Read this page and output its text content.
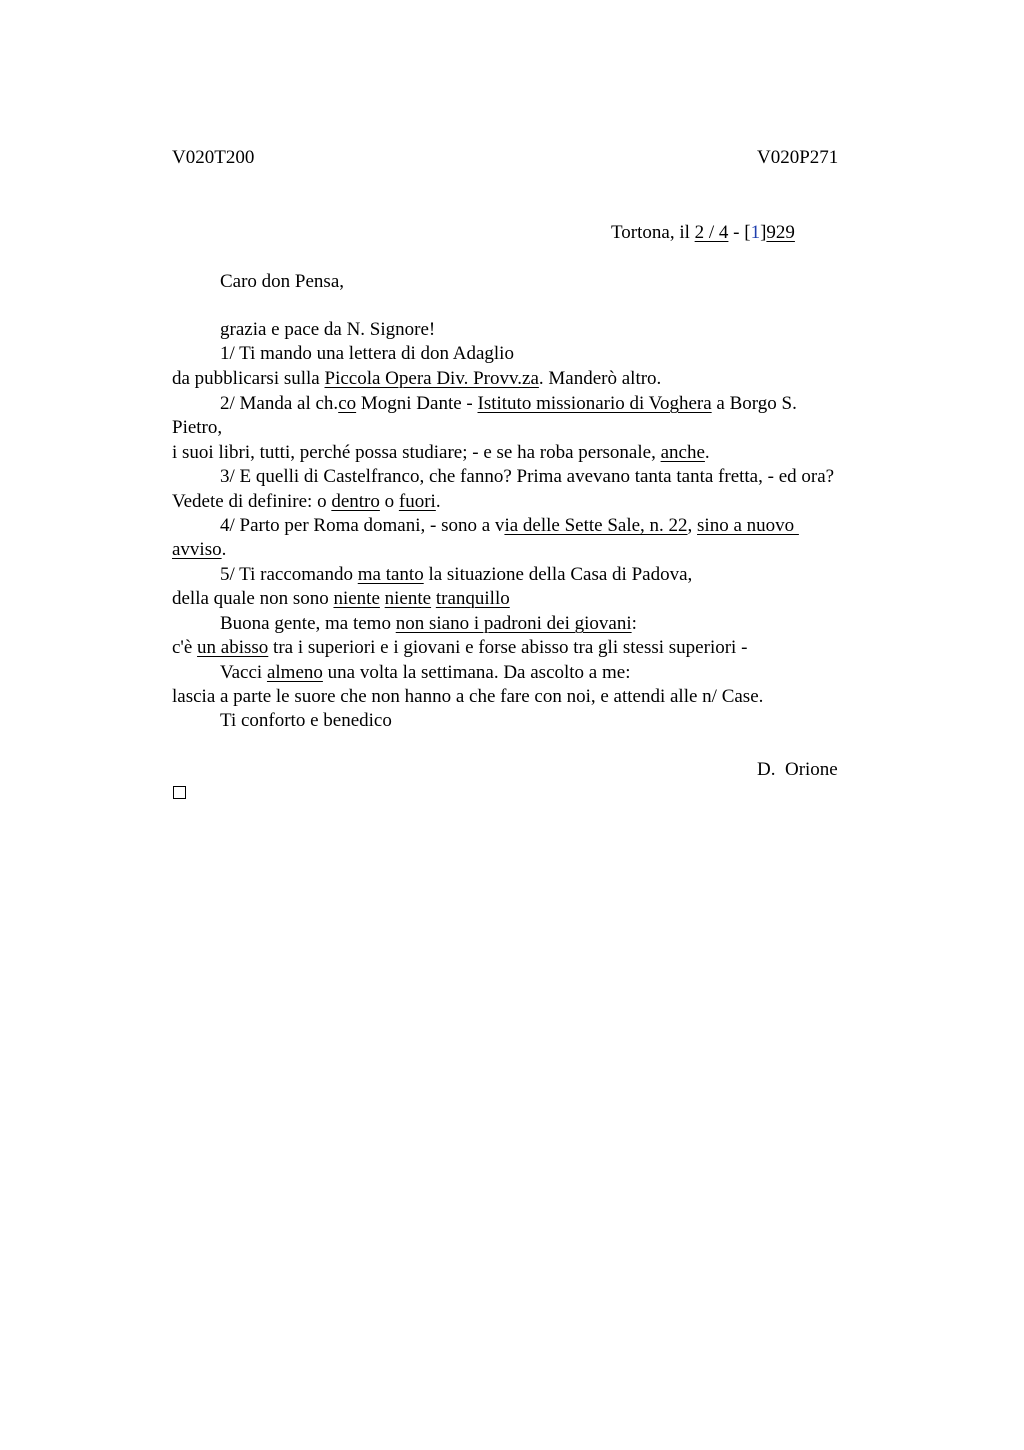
V020T200	V020P271
Tortona, il 2 / 4 - [1]929
Caro don Pensa,
grazia e pace da N. Signore!
1/ Ti mando una lettera di don Adaglio
da pubblicarsi sulla Piccola Opera Div. Provv.za. Manderò altro.
2/ Manda al ch.co Mogni Dante - Istituto missionario di Voghera a Borgo S.
Pietro,
i suoi libri, tutti, perché possa studiare; - e se ha roba personale, anche.
3/ E quelli di Castelfranco, che fanno? Prima avevano tanta tanta fretta, - ed ora?
Vedete di definire: o dentro o fuori.
4/ Parto per Roma domani, - sono a via delle Sette Sale, n. 22, sino a nuovo
avviso.
5/ Ti raccomando ma tanto la situazione della Casa di Padova,
della quale non sono niente niente tranquillo
Buona gente, ma temo non siano i padroni dei giovani:
c'è un abisso tra i superiori e i giovani e forse abisso tra gli stessi superiori -
Vacci almeno una volta la settimana. Da ascolto a me:
lascia a parte le suore che non hanno a che fare con noi, e attendi alle n/ Case.
Ti conforto e benedico
D.  Orione
